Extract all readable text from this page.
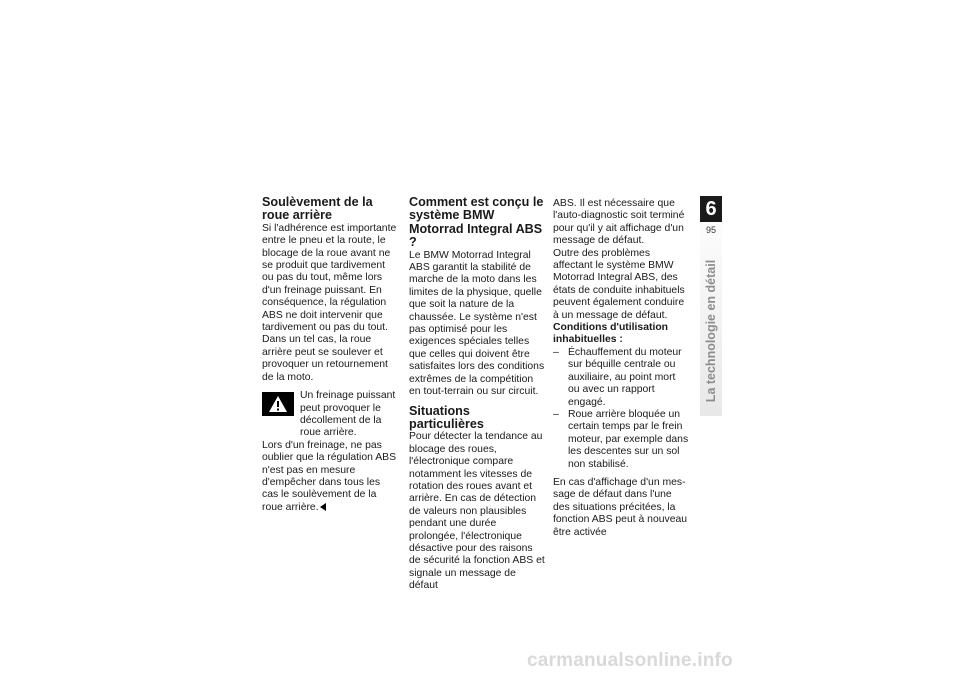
Soulèvement de la roue arrière

Si l'adhérence est importante entre le pneu et la route, le blocage de la roue avant ne se produit que tardivement ou pas du tout, même lors d'un freinage puissant. En conséquence, la régulation ABS ne doit intervenir que tardivement ou pas du tout. Dans un tel cas, la roue arrière peut se soulever et provoquer un retournement de la moto.

Un freinage puissant peut provoquer le décollement de la roue arrière.

Lors d'un freinage, ne pas oublier que la régulation ABS n'est pas en mesure d'empêcher dans tous les cas le soulèvement de la roue arrière.

Comment est conçu le système BMW Motorrad Integral ABS ?

Le BMW Motorrad Integral ABS garantit la stabilité de marche de la moto dans les limites de la physique, quelle que soit la nature de la chaussée. Le système n'est pas optimisé pour les exigences spéciales telles que celles qui doivent être satisfaites lors des conditions extrêmes de la compétition en tout-terrain ou sur circuit.

Situations particulières

Pour détecter la tendance au blocage des roues, l'électronique compare notamment les vitesses de rotation des roues avant et arrière. En cas de détection de valeurs non plausibles pendant une durée prolongée, l'électronique désactive pour des raisons de sécurité la fonction ABS et signale un message de défaut

ABS. Il est nécessaire que l'auto-diagnostic soit terminé pour qu'il y ait affichage d'un message de défaut.

Outre des problèmes affectant le système BMW Motorrad Integral ABS, des états de conduite inhabituels peuvent également conduire à un message de défaut.

Conditions d'utilisation inhabituelles :
– Échauffement du moteur sur béquille centrale ou auxiliaire, au point mort ou avec un rapport engagé.
– Roue arrière bloquée un certain temps par le frein moteur, par exemple dans les descentes sur un sol non stabilisé.

En cas d'affichage d'un message de défaut dans l'une des situations précitées, la fonction ABS peut à nouveau être activée

6
95
La technologie en détail
carmanualsonline.info
